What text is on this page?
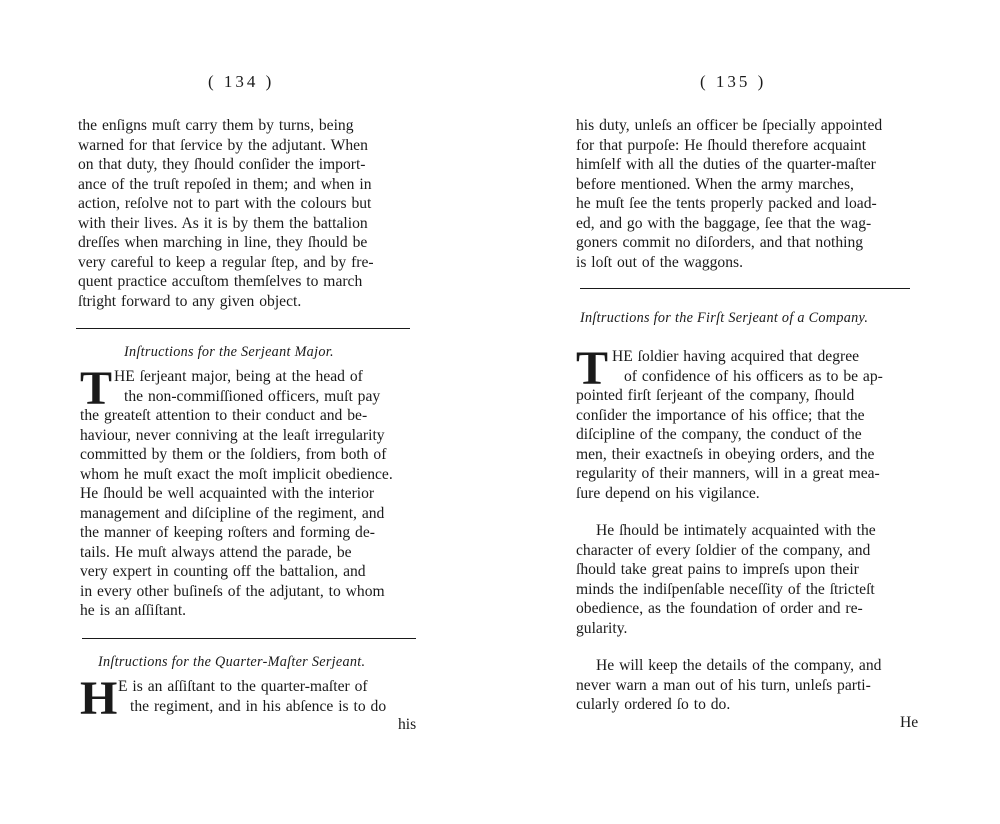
( 134 )
the enſigns muſt carry them by turns, being
warned for that ſervice by the adjutant. When
on that duty, they ſhould conſider the import-
ance of the truſt repoſed in them; and when in
action, reſolve not to part with the colours but
with their lives. As it is by them the battalion
dreſſes when marching in line, they ſhould be
very careful to keep a regular ſtep, and by fre-
quent practice accuſtom themſelves to march
ſtright forward to any given object.
Inſtructions for the Serjeant Major.
T HE ſerjeant major, being at the head of
the non-commiſſioned officers, muſt pay
the greateſt attention to their conduct and be-
haviour, never conniving at the leaſt irregularity
committed by them or the ſoldiers, from both of
whom he muſt exact the moſt implicit obedience.
He ſhould be well acquainted with the interior
management and diſcipline of the regiment, and
the manner of keeping roſters and forming de-
tails. He muſt always attend the parade, be
very expert in counting off the battalion, and
in every other buſineſs of the adjutant, to whom
he is an aſſiſtant.
Inſtructions for the Quarter-Maſter Serjeant.
H E is an aſſiſtant to the quarter-maſter of
the regiment, and in his abſence is to do
his
( 135 )
his duty, unleſs an officer be ſpecially appointed
for that purpoſe: He ſhould therefore acquaint
himſelf with all the duties of the quarter-maſter
before mentioned. When the army marches,
he muſt ſee the tents properly packed and load-
ed, and go with the baggage, ſee that the wag-
goners commit no diſorders, and that nothing
is loſt out of the waggons.
Inſtructions for the Firſt Serjeant of a Company.
T HE ſoldier having acquired that degree
of confidence of his officers as to be ap-
pointed firſt ſerjeant of the company, ſhould
conſider the importance of his office; that the
diſcipline of the company, the conduct of the
men, their exactneſs in obeying orders, and the
regularity of their manners, will in a great mea-
ſure depend on his vigilance.
He ſhould be intimately acquainted with the
character of every ſoldier of the company, and
ſhould take great pains to impreſs upon their
minds the indiſpenſable neceſſity of the ſtricteſt
obedience, as the foundation of order and re-
gularity.
He will keep the details of the company, and
never warn a man out of his turn, unleſs parti-
cularly ordered ſo to do.
He
